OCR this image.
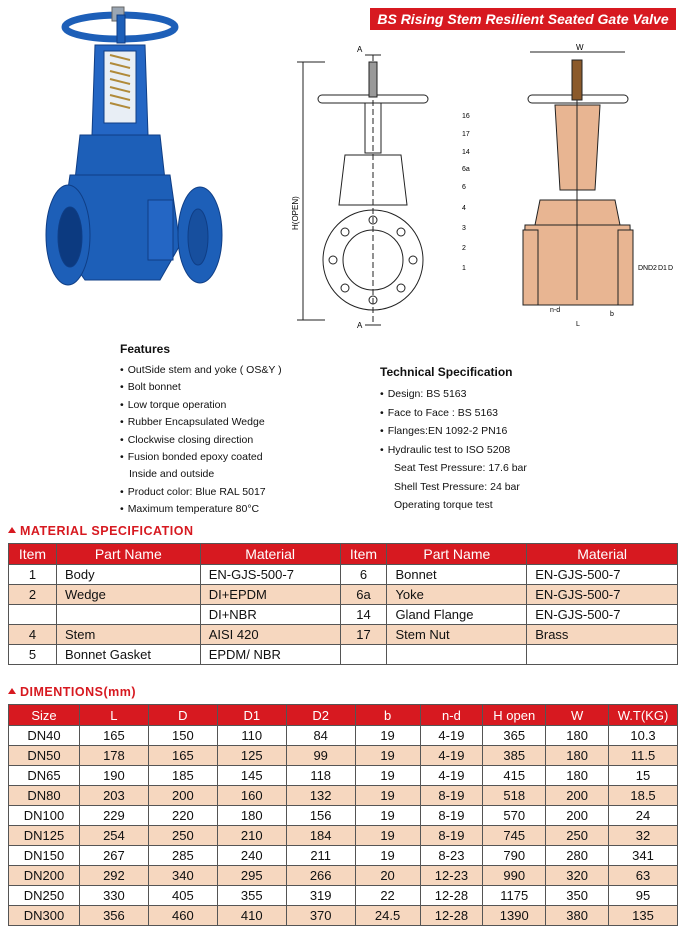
BS Rising Stem Resilient Seated Gate Valve
A
A
H(OPEN)
W
16
17
14
6a
6
4
3
2
1	DN D2 D1 D
n-d
b
L
Features
• OutSide stem and yoke ( OS&Y )
• Bolt bonnet
• Low torque operation
• Rubber Encapsulated Wedge
• Clockwise closing direction
• Fusion bonded epoxy coated
Inside and outside
• Product color: Blue RAL 5017
• Maximum temperature 80°C
Technical Specification
• Design: BS 5163
• Face to Face : BS 5163
• Flanges:EN 1092-2 PN16
• Hydraulic test to ISO 5208
Seat Test Pressure: 17.6 bar
Shell Test Pressure: 24 bar
Operating torque test
MATERIAL SPECIFICATION
Item	Part Name	Material	Item	Part Name	Material
1	Body	EN-GJS-500-7	6	Bonnet	EN-GJS-500-7
2	Wedge	DI+EPDM	6a	Yoke	EN-GJS-500-7
		DI+NBR	14	Gland Flange	EN-GJS-500-7
4	Stem	AISI 420	17	Stem Nut	Brass
5	Bonnet Gasket	EPDM/ NBR			
DIMENTIONS(mm)
Size	L	D	D1	D2	b	n-d	H open	W	W.T(KG)
DN40	165	150	110	84	19	4-19	365	180	10.3
DN50	178	165	125	99	19	4-19	385	180	11.5
DN65	190	185	145	118	19	4-19	415	180	15
DN80	203	200	160	132	19	8-19	518	200	18.5
DN100	229	220	180	156	19	8-19	570	200	24
DN125	254	250	210	184	19	8-19	745	250	32
DN150	267	285	240	211	19	8-23	790	280	341
DN200	292	340	295	266	20	12-23	990	320	63
DN250	330	405	355	319	22	12-28	1175	350	95
DN300	356	460	410	370	24.5	12-28	1390	380	135
